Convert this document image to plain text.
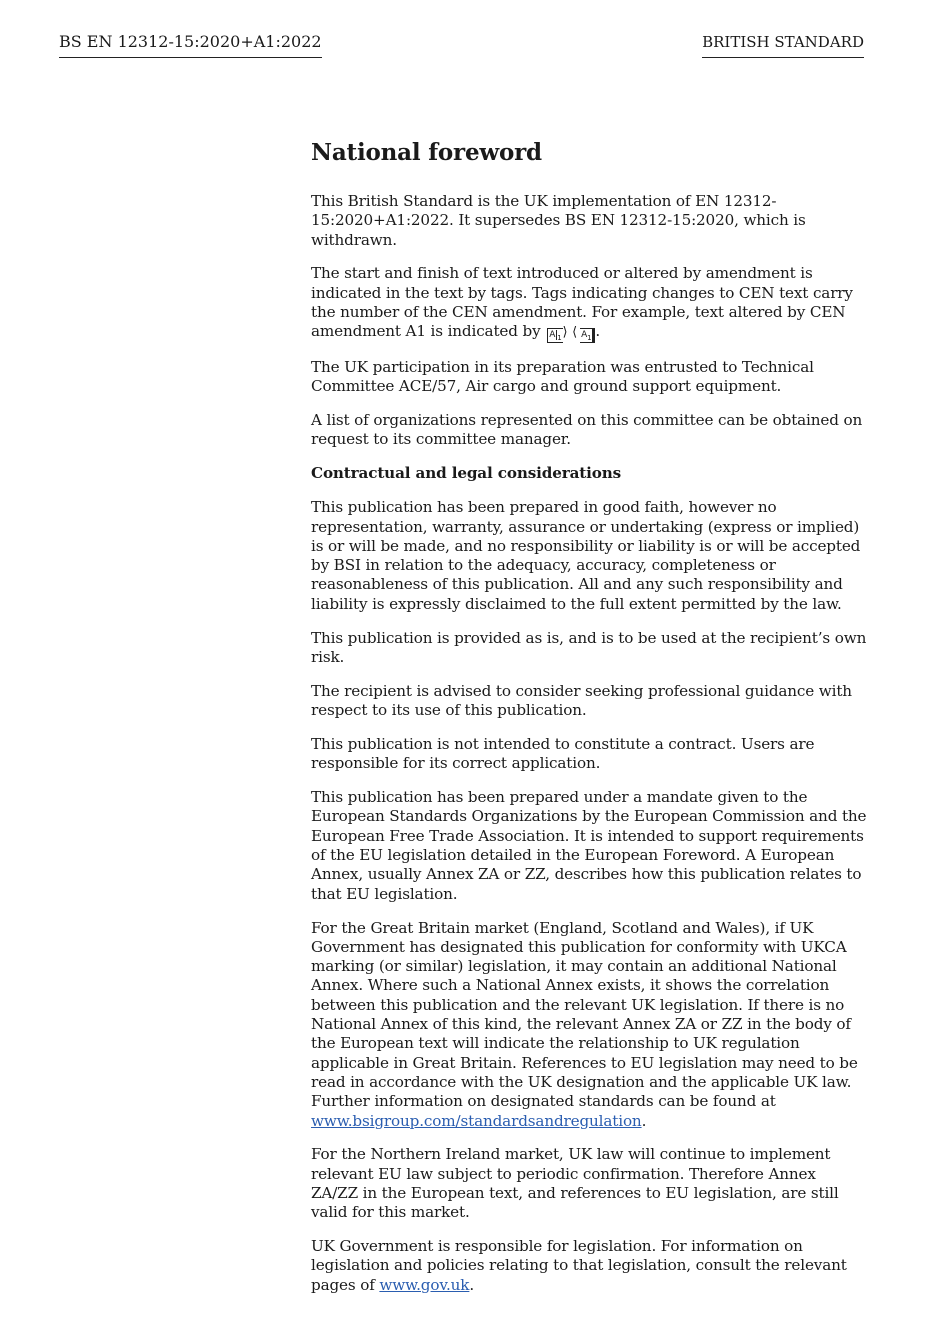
BS EN 12312-15:2020+A1:2022	BRITISH STANDARD
National foreword

This British Standard is the UK implementation of EN 12312-15:2020+A1:2022. It supersedes BS EN 12312-15:2020, which is withdrawn.

The start and finish of text introduced or altered by amendment is indicated in the text by tags. Tags indicating changes to CEN text carry the number of the CEN amendment. For example, text altered by CEN amendment A1 is indicated by A $_1$⟩ ⟨ $A_1$ .

The UK participation in its preparation was entrusted to Technical Committee ACE/57, Air cargo and ground support equipment.

A list of organizations represented on this committee can be obtained on request to its committee manager.

Contractual and legal considerations

This publication has been prepared in good faith, however no representation, warranty, assurance or undertaking (express or implied) is or will be made, and no responsibility or liability is or will be accepted by BSI in relation to the adequacy, accuracy, completeness or reasonableness of this publication. All and any such responsibility and liability is expressly disclaimed to the full extent permitted by the law.

This publication is provided as is, and is to be used at the recipient’s own risk.

The recipient is advised to consider seeking professional guidance with respect to its use of this publication.

This publication is not intended to constitute a contract. Users are responsible for its correct application.

This publication has been prepared under a mandate given to the European Standards Organizations by the European Commission and the European Free Trade Association. It is intended to support requirements of the EU legislation detailed in the European Foreword. A European Annex, usually Annex ZA or ZZ, describes how this publication relates to that EU legislation.

For the Great Britain market (England, Scotland and Wales), if UK Government has designated this publication for conformity with UKCA marking (or similar) legislation, it may contain an additional National Annex. Where such a National Annex exists, it shows the correlation between this publication and the relevant UK legislation. If there is no National Annex of this kind, the relevant Annex ZA or ZZ in the body of the European text will indicate the relationship to UK regulation applicable in Great Britain. References to EU legislation may need to be read in accordance with the UK designation and the applicable UK law. Further information on designated standards can be found at www.bsigroup.com/standardsandregulation.

For the Northern Ireland market, UK law will continue to implement relevant EU law subject to periodic confirmation. Therefore Annex ZA/ZZ in the European text, and references to EU legislation, are still valid for this market.

UK Government is responsible for legislation. For information on legislation and policies relating to that legislation, consult the relevant pages of www.gov.uk.
